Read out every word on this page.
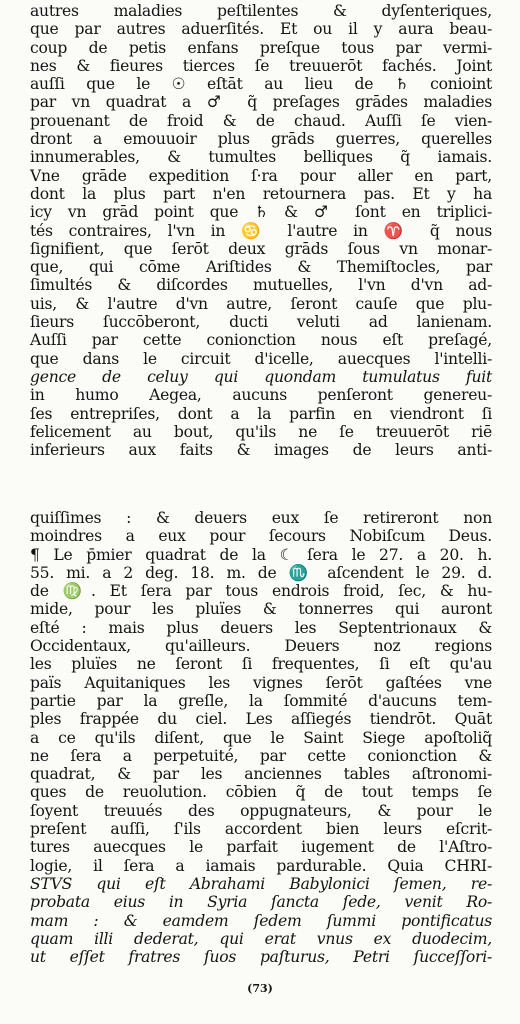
autres maladies peſtilentes & dyſenteriques,
que par autres aduerſités. Et ou il y aura beau-
coup de petis enfans preſque tous par vermi-
nes & fieures tierces ſe treuuerōt fachés. Joint
auſſi que le ☉ eſtāt au lieu de ♄ conioint
par vn quadrat a ♂ q̃ preſages grādes maladies
prouenant de froid & de chaud. Auſſi ſe vien-
dront a emouuoir plus grāds guerres, querelles
innumerables, & tumultes belliques q̃ iamais.
Vne grāde expedition ſ·ra pour aller en part,
dont la plus part n'en retournera pas. Et y ha
icy vn grād point que ♄ & ♂ ſont en triplici-
tés contraires, l'vn in ♋ l'autre in ♈ q̃ nous
ſignifient, que ſerōt deux grāds ſous vn monar-
que, qui cōme Ariſtides & Themiſtocles, par
ſimultés & diſcordes mutuelles, l'vn d'vn ad-
uis, & l'autre d'vn autre, ſeront cauſe que plu-
ſieurs ſuccōberont, ducti veluti ad lanienam.
Auſſi par cette conionction nous eſt preſagé,
que dans le circuit d'icelle, auecques l'intelli-
gence de celuy qui quondam tumulatus fuit
in humo Aegea, aucuns penſeront genereu-
ſes entrepriſes, dont a la parfin en viendront ſi
felicement au bout, qu'ils ne ſe treuuerōt riē
inferieurs aux faits & images de leurs anti-
quiſſimes : & deuers eux ſe retireront non
moindres a eux pour ſecours Nobiſcum Deus.
¶ Le p̄mier quadrat de la ☾ ſera le 27. a 20. h.
55. mi. a 2 deg. 18. m. de ♏ aſcendent le 29. d.
de ♍. Et ſera par tous endrois froid, ſec, & hu-
mide, pour les pluïes & tonnerres qui auront
eſté : mais plus deuers les Septentrionaux &
Occidentaux, qu'ailleurs. Deuers noz regions
les pluïes ne ſeront ſi frequentes, ſi eſt qu'au
païs Aquitaniques les vignes ſerōt gaſtées vne
partie par la greſle, la ſommité d'aucuns tem-
ples frappée du ciel. Les aſſiegés tiendrōt. Quāt
a ce qu'ils diſent, que le Saint Siege apoſtoliq̃
ne ſera a perpetuité, par cette conionction &
quadrat, & par les anciennes tables aſtronomi-
ques de reuolution. cōbien q̃ de tout temps ſe
ſoyent treuués des oppugnateurs, & pour le
preſent auſſi, ſ'ils accordent bien leurs eſcrit-
tures auecques le parfait iugement de l'Aſtro-
logie, il ſera a iamais pardurable. Quia CHRI-
STVS qui eſt Abrahami Babylonici ſemen, re-
probata eius in Syria ſancta ſede, venit Ro-
mam : & eamdem ſedem ſummi pontificatus
quam illi dederat, qui erat vnus ex duodecim,
ut eſſet fratres ſuos paſturus, Petri ſucceſſori-
(73)
